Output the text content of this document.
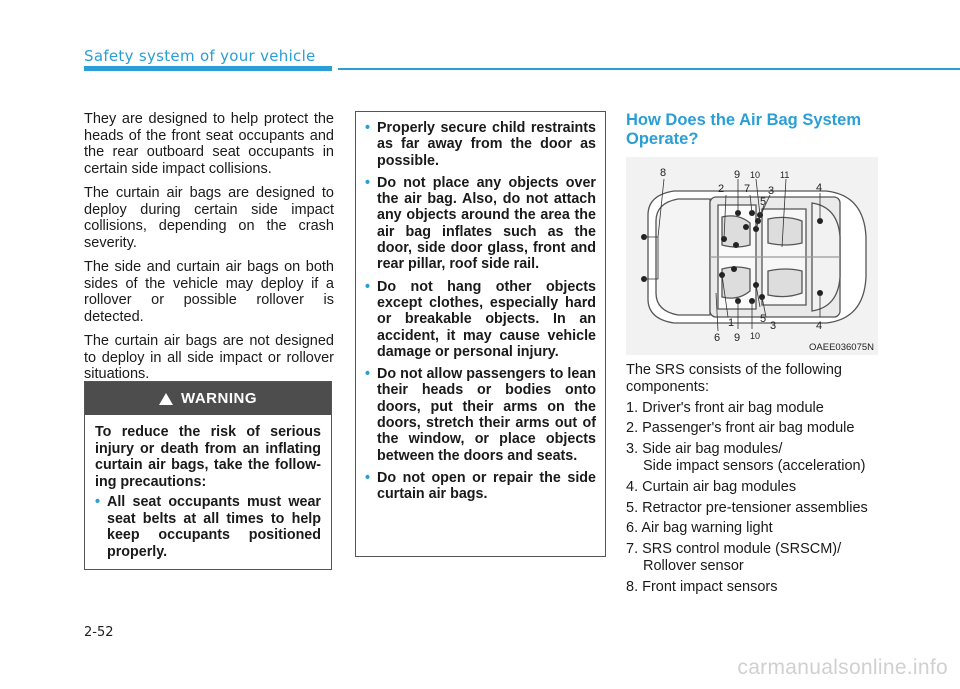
Safety system of your vehicle

They are designed to help protect the heads of the front seat occupants and the rear outboard seat occupants in certain side impact collisions.

The curtain air bags are designed to deploy during certain side impact collisions, depending on the crash severity.

The side and curtain air bags on both sides of the vehicle may deploy if a rollover or possible rollover is detected.

The curtain air bags are not designed to deploy in all side impact or rollover situations.

WARNING

To reduce the risk of serious injury or death from an inflating curtain air bags, take the follow-ing precautions:

• All seat occupants must wear seat belts at all times to help keep occupants positioned properly.

• Properly secure child restraints as far away from the door as possible.

• Do not place any objects over the air bag. Also, do not attach any objects around the area the air bag inflates such as the door, side door glass, front and rear pillar, roof side rail.

• Do not hang other objects except clothes, especially hard or breakable objects. In an accident, it may cause vehicle damage or personal injury.

• Do not allow passengers to lean their heads or bodies onto doors, put their arms on the doors, stretch their arms out of the window, or place objects between the doors and seats.

• Do not open or repair the side curtain air bags.

How Does the Air Bag System Operate?

8	9 10 11
2 7 3	4
5
1 5
3	4
6 9 10
OAEE036075N

The SRS consists of the following components:

1. Driver's front air bag module
2. Passenger's front air bag module
3. Side air bag modules/
Side impact sensors (acceleration)
4. Curtain air bag modules
5. Retractor pre-tensioner assemblies
6. Air bag warning light
7. SRS control module (SRSCM)/
Rollover sensor
8. Front impact sensors
2-52
carmanualsonline.info
